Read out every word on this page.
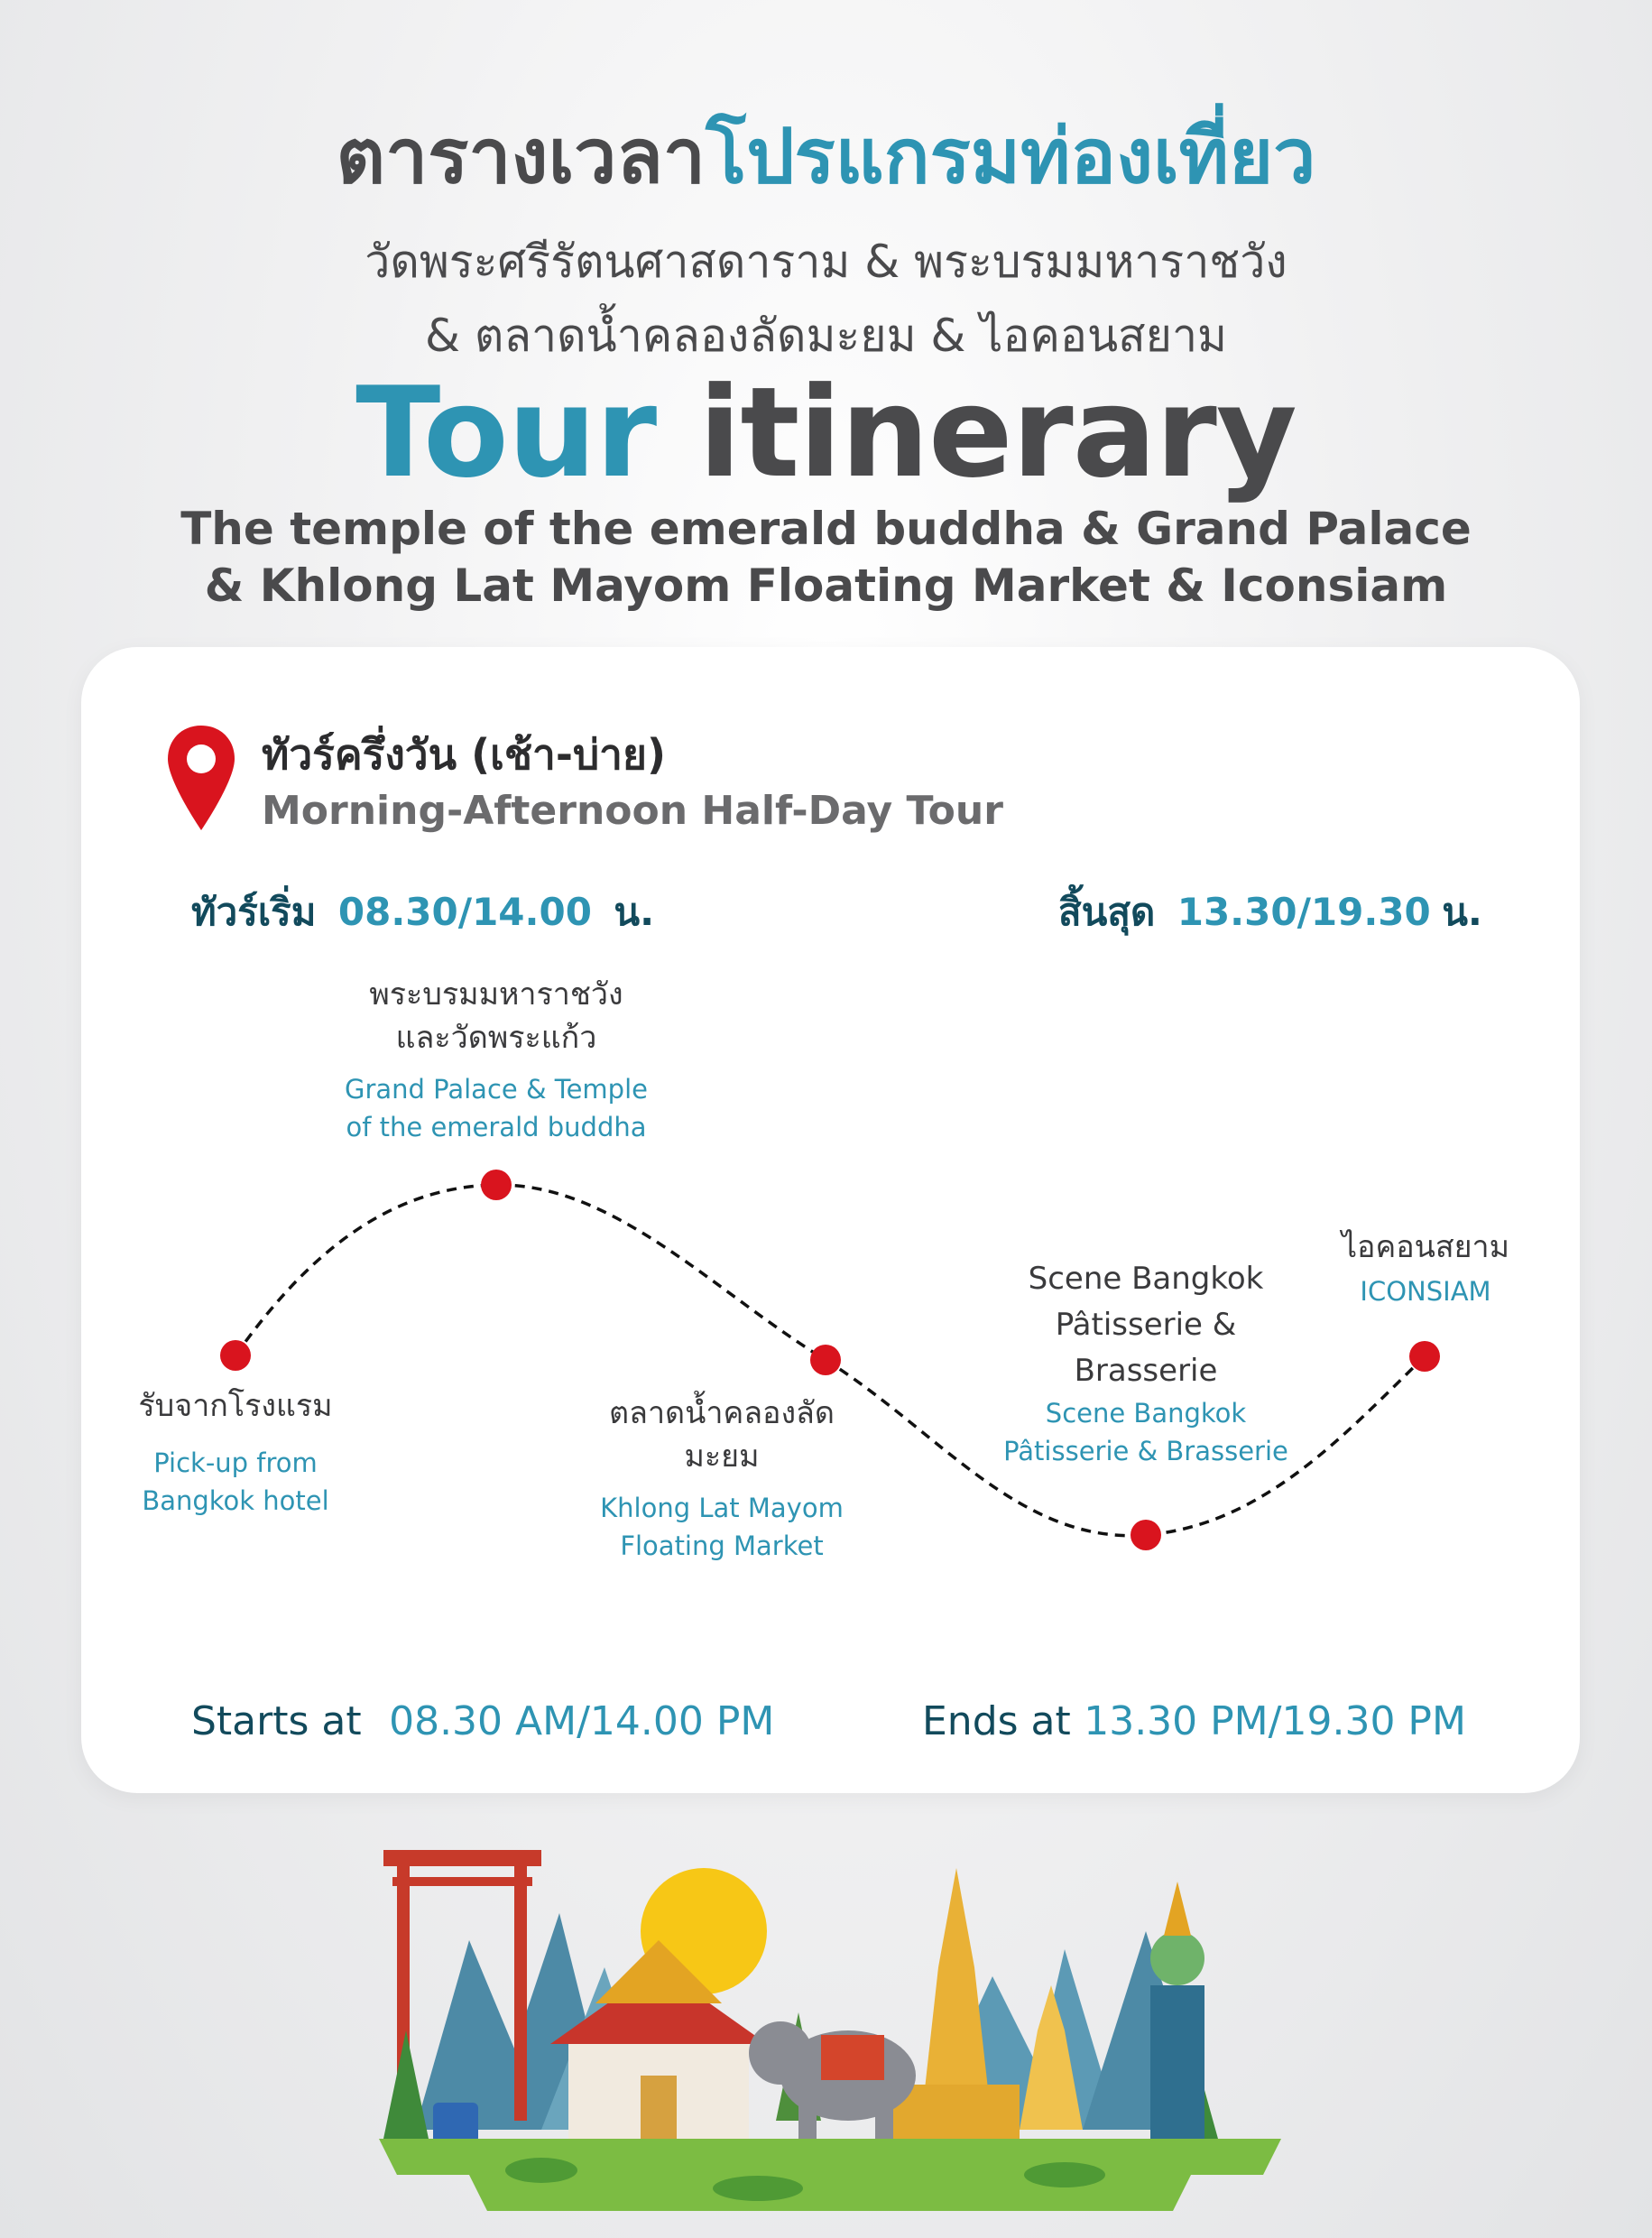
ตารางเวลาโปรแกรมท่องเที่ยว
วัดพระศรีรัตนศาสดาราม & พระบรมมหาราชวัง
& ตลาดน้ำคลองลัดมะยม & ไอคอนสยาม
Tour itinerary
The temple of the emerald buddha & Grand Palace
& Khlong Lat Mayom Floating Market & Iconsiam
ทัวร์ครึ่งวัน (เช้า-บ่าย)
Morning-Afternoon Half-Day Tour
ทัวร์เริ่ม 08.30/14.00 น.	สิ้นสุด 13.30/19.30 น.
รับจากโรงแรม
Pick-up from
Bangkok hotel
พระบรมมหาราชวัง
และวัดพระแก้ว
Grand Palace & Temple
of the emerald buddha
ตลาดน้ำคลองลัด
มะยม
Khlong Lat Mayom
Floating Market
Scene Bangkok
Pâtisserie &
Brasserie
Scene Bangkok
Pâtisserie & Brasserie
ไอคอนสยาม
ICONSIAM
Starts at 08.30 AM/14.00 PM	Ends at 13.30 PM/19.30 PM
